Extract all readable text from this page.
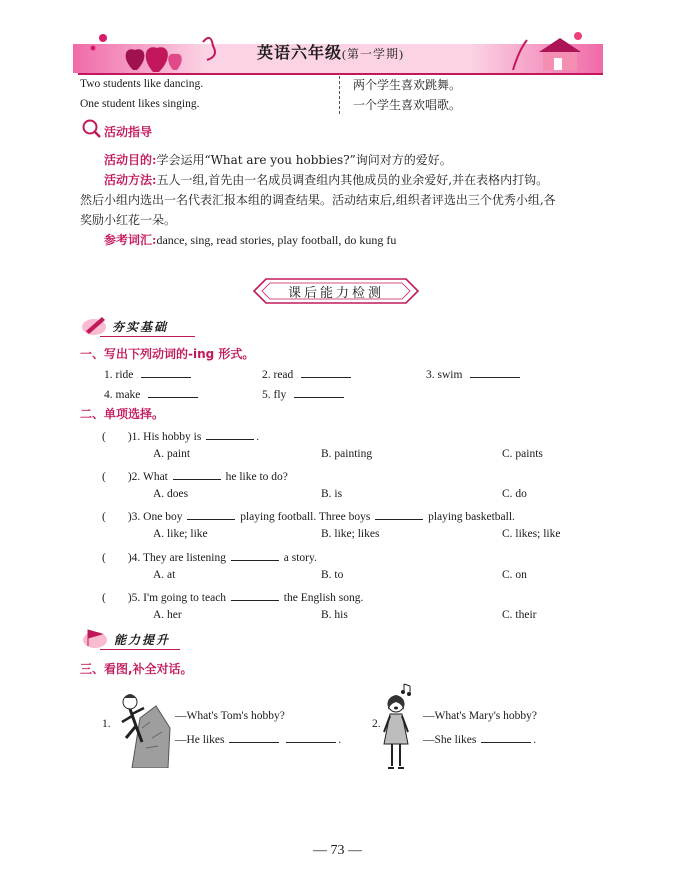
英语六年级(第一学期)
Two students like dancing.
One student likes singing.
两个学生喜欢跳舞。
一个学生喜欢唱歌。
活动指导
活动目的:学会运用“What are you hobbies?”询问对方的爱好。
活动方法:五人一组,首先由一名成员调查组内其他成员的业余爱好,并在表格内打钩。
然后小组内选出一名代表汇报本组的调查结果。活动结束后,组织者评选出三个优秀小组,各
奖励小红花一朵。
参考词汇:dance, sing, read stories, play football, do kung fu
课后能力检测
夯实基础
一、写出下列动词的-ing 形式。
1. ride	2. read	3. swim
4. make	5. fly
二、单项选择。
( )1. His hobby is	.
A. paint	B. painting	C. paints
( )2. What	he like to do?
A. does	B. is	C. do
( )3. One boy	playing football. Three boys	playing basketball.
A. like; like	B. like; likes	C. likes; like
( )4. They are listening	a story.
A. at	B. to	C. on
( )5. I'm going to teach	the English song.
A. her	B. his	C. their
能力提升
三、看图,补全对话。
1.
—What's Tom's hobby?
—He likes	.
2.
—What's Mary's hobby?
—She likes	.
— 73 —
